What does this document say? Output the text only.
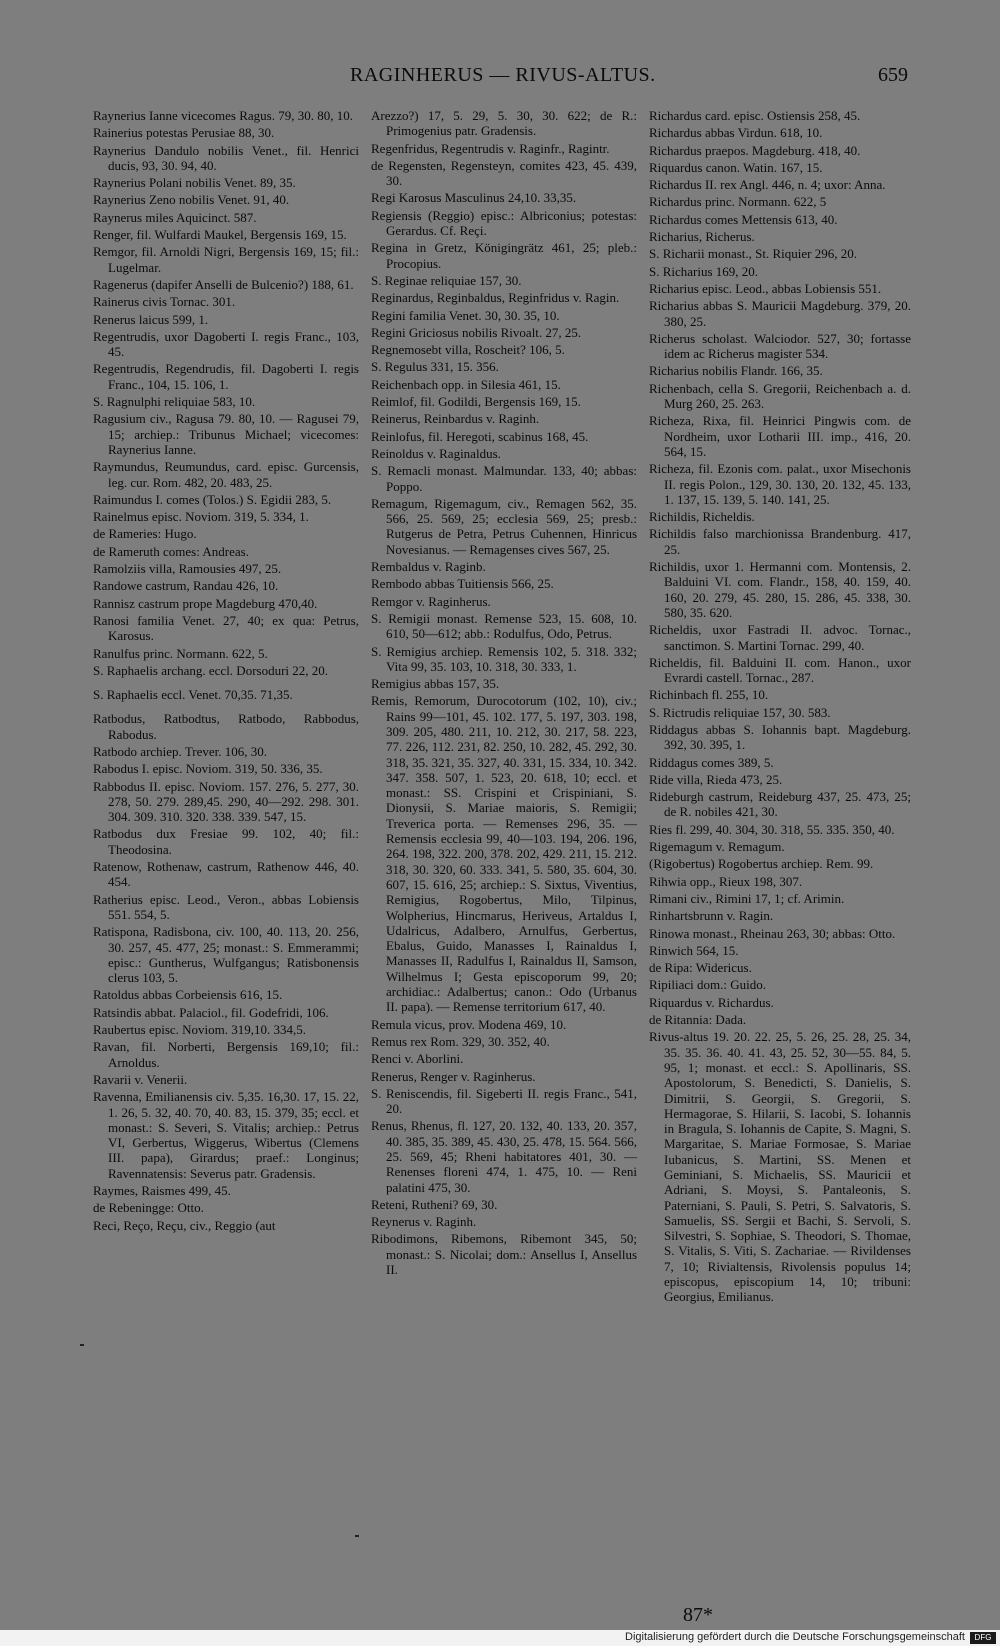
RAGINHERUS — RIVUS-ALTUS.	659

Raynerius Ianne vicecomes Ragus. 79, 30. 80, 10.

Rainerius potestas Perusiae 88, 30.

Raynerius Dandulo nobilis Venet., fil. Henrici ducis, 93, 30. 94, 40.

Raynerius Polani nobilis Venet. 89, 35.

Raynerius Zeno nobilis Venet. 91, 40.

Raynerus miles Aquicinct. 587.

Renger, fil. Wulfardi Maukel, Bergensis 169, 15.

Remgor, fil. Arnoldi Nigri, Bergensis 169, 15; fil.: Lugelmar.

Ragenerus (dapifer Anselli de Bulcenio?) 188, 61.

Rainerus civis Tornac. 301.

Renerus laicus 599, 1.

Regentrudis, uxor Dagoberti I. regis Franc., 103, 45.

Regentrudis, Regendrudis, fil. Dagoberti I. regis Franc., 104, 15. 106, 1.

S. Ragnulphi reliquiae 583, 10.

Ragusium civ., Ragusa 79. 80, 10. — Ragusei 79, 15; archiep.: Tribunus Michael; vicecomes: Raynerius Ianne.

Raymundus, Reumundus, card. episc. Gurcensis, leg. cur. Rom. 482, 20. 483, 25.

Raimundus I. comes (Tolos.) S. Egidii 283, 5.

Rainelmus episc. Noviom. 319, 5. 334, 1.

de Rameries: Hugo.

de Rameruth comes: Andreas.

Ramolziis villa, Ramousies 497, 25.

Randowe castrum, Randau 426, 10.

Rannisz castrum prope Magdeburg 470,40.

Ranosi familia Venet. 27, 40; ex qua: Petrus, Karosus.

Ranulfus princ. Normann. 622, 5.

S. Raphaelis archang. eccl. Dorsoduri 22, 20.

S. Raphaelis eccl. Venet. 70,35. 71,35.

Ratbodus, Ratbodtus, Ratbodo, Rabbodus, Rabodus.

Ratbodo archiep. Trever. 106, 30.

Rabodus I. episc. Noviom. 319, 50. 336, 35.

Rabbodus II. episc. Noviom. 157. 276, 5. 277, 30. 278, 50. 279. 289,45. 290, 40—292. 298. 301. 304. 309. 310. 320. 338. 339. 547, 15.

Ratbodus dux Fresiae 99. 102, 40; fil.: Theodosina.

Ratenow, Rothenaw, castrum, Rathenow 446, 40. 454.

Ratherius episc. Leod., Veron., abbas Lobiensis 551. 554, 5.

Ratispona, Radisbona, civ. 100, 40. 113, 20. 256, 30. 257, 45. 477, 25; monast.: S. Emmerammi; episc.: Guntherus, Wulfgangus; Ratisbonensis clerus 103, 5.

Ratoldus abbas Corbeiensis 616, 15.

Ratsindis abbat. Palaciol., fil. Godefridi, 106.

Raubertus episc. Noviom. 319,10. 334,5.

Ravan, fil. Norberti, Bergensis 169,10; fil.: Arnoldus.

Ravarii v. Venerii.

Ravenna, Emilianensis civ. 5,35. 16,30. 17, 15. 22, 1. 26, 5. 32, 40. 70, 40. 83, 15. 379, 35; eccl. et monast.: S. Severi, S. Vitalis; archiep.: Petrus VI, Gerbertus, Wiggerus, Wibertus (Clemens III. papa), Girardus; praef.: Longinus; Ravennatensis: Severus patr. Gradensis.

Raymes, Raismes 499, 45.

de Rebeningge: Otto.

Reci, Reço, Reçu, civ., Reggio (aut

Arezzo?) 17, 5. 29, 5. 30, 30. 622; de R.: Primogenius patr. Gradensis.

Regenfridus, Regentrudis v. Raginfr., Ragintr.

de Regensten, Regensteyn, comites 423, 45. 439, 30.

Regi Karosus Masculinus 24,10. 33,35.

Regiensis (Reggio) episc.: Albriconius; potestas: Gerardus. Cf. Reçi.

Regina in Gretz, Königingrätz 461, 25; pleb.: Procopius.

S. Reginae reliquiae 157, 30.

Reginardus, Reginbaldus, Reginfridus v. Ragin.

Regini familia Venet. 30, 30. 35, 10.

Regini Griciosus nobilis Rivoalt. 27, 25.

Regnemosebt villa, Roscheit? 106, 5.

S. Regulus 331, 15. 356.

Reichenbach opp. in Silesia 461, 15.

Reimlof, fil. Godildi, Bergensis 169, 15.

Reinerus, Reinbardus v. Raginh.

Reinlofus, fil. Heregoti, scabinus 168, 45.

Reinoldus v. Raginaldus.

S. Remacli monast. Malmundar. 133, 40; abbas: Poppo.

Remagum, Rigemagum, civ., Remagen 562, 35. 566, 25. 569, 25; ecclesia 569, 25; presb.: Rutgerus de Petra, Petrus Cuhennen, Hinricus Novesianus. — Remagenses cives 567, 25.

Rembaldus v. Raginb.

Rembodo abbas Tuitiensis 566, 25.

Remgor v. Raginherus.

S. Remigii monast. Remense 523, 15. 608, 10. 610, 50—612; abb.: Rodulfus, Odo, Petrus.

S. Remigius archiep. Remensis 102, 5. 318. 332; Vita 99, 35. 103, 10. 318, 30. 333, 1.

Remigius abbas 157, 35.

Remis, Remorum, Durocotorum (102, 10), civ.; Rains 99—101, 45. 102. 177, 5. 197, 303. 198, 309. 205, 480. 211, 10. 212, 30. 217, 58. 223, 77. 226, 112. 231, 82. 250, 10. 282, 45. 292, 30. 318, 35. 321, 35. 327, 40. 331, 15. 334, 10. 342. 347. 358. 507, 1. 523, 20. 618, 10; eccl. et monast.: SS. Crispini et Crispiniani, S. Dionysii, S. Mariae maioris, S. Remigii; Treverica porta. — Remenses 296, 35. — Remensis ecclesia 99, 40—103. 194, 206. 196, 264. 198, 322. 200, 378. 202, 429. 211, 15. 212. 318, 30. 320, 60. 333. 341, 5. 580, 35. 604, 30. 607, 15. 616, 25; archiep.: S. Sixtus, Viventius, Remigius, Rogobertus, Milo, Tilpinus, Wolpherius, Hincmarus, Heriveus, Artaldus I, Udalricus, Adalbero, Arnulfus, Gerbertus, Ebalus, Guido, Manasses I, Rainaldus I, Manasses II, Radulfus I, Rainaldus II, Samson, Wilhelmus I; Gesta episcoporum 99, 20; archidiac.: Adalbertus; canon.: Odo (Urbanus II. papa). — Remense territorium 617, 40.

Remula vicus, prov. Modena 469, 10.

Remus rex Rom. 329, 30. 352, 40.

Renci v. Aborlini.

Renerus, Renger v. Raginherus.

S. Reniscendis, fil. Sigeberti II. regis Franc., 541, 20.

Renus, Rhenus, fl. 127, 20. 132, 40. 133, 20. 357, 40. 385, 35. 389, 45. 430, 25. 478, 15. 564. 566, 25. 569, 45; Rheni habitatores 401, 30. — Renenses floreni 474, 1. 475, 10. — Reni palatini 475, 30.

Reteni, Rutheni? 69, 30.

Reynerus v. Raginh.

Ribodimons, Ribemons, Ribemont 345, 50; monast.: S. Nicolai; dom.: Ansellus I, Ansellus II.

Richardus card. episc. Ostiensis 258, 45.

Richardus abbas Virdun. 618, 10.

Richardus praepos. Magdeburg. 418, 40.

Riquardus canon. Watin. 167, 15.

Richardus II. rex Angl. 446, n. 4; uxor: Anna.

Richardus princ. Normann. 622, 5

Richardus comes Mettensis 613, 40.

Richarius, Richerus.

S. Richarii monast., St. Riquier 296, 20.

S. Richarius 169, 20.

Richarius episc. Leod., abbas Lobiensis 551.

Richarius abbas S. Mauricii Magdeburg. 379, 20. 380, 25.

Richerus scholast. Walciodor. 527, 30; fortasse idem ac Richerus magister 534.

Richarius nobilis Flandr. 166, 35.

Richenbach, cella S. Gregorii, Reichenbach a. d. Murg 260, 25. 263.

Richeza, Rixa, fil. Heinrici Pingwis com. de Nordheim, uxor Lotharii III. imp., 416, 20. 564, 15.

Richeza, fil. Ezonis com. palat., uxor Misechonis II. regis Polon., 129, 30. 130, 20. 132, 45. 133, 1. 137, 15. 139, 5. 140. 141, 25.

Richildis, Richeldis.

Richildis falso marchionissa Brandenburg. 417, 25.

Richildis, uxor 1. Hermanni com. Montensis, 2. Balduini VI. com. Flandr., 158, 40. 159, 40. 160, 20. 279, 45. 280, 15. 286, 45. 338, 30. 580, 35. 620.

Richeldis, uxor Fastradi II. advoc. Tornac., sanctimon. S. Martini Tornac. 299, 40.

Richeldis, fil. Balduini II. com. Hanon., uxor Evrardi castell. Tornac., 287.

Richinbach fl. 255, 10.

S. Rictrudis reliquiae 157, 30. 583.

Riddagus abbas S. Iohannis bapt. Magdeburg. 392, 30. 395, 1.

Riddagus comes 389, 5.

Ride villa, Rieda 473, 25.

Rideburgh castrum, Reideburg 437, 25. 473, 25; de R. nobiles 421, 30.

Ries fl. 299, 40. 304, 30. 318, 55. 335. 350, 40.

Rigemagum v. Remagum.

(Rigobertus) Rogobertus archiep. Rem. 99.

Rihwia opp., Rieux 198, 307.

Rimani civ., Rimini 17, 1; cf. Arimin.

Rinhartsbrunn v. Ragin.

Rinowa monast., Rheinau 263, 30; abbas: Otto.

Rinwich 564, 15.

de Ripa: Widericus.

Ripiliaci dom.: Guido.

Riquardus v. Richardus.

de Ritannia: Dada.

Rivus-altus 19. 20. 22. 25, 5. 26, 25. 28, 25. 34, 35. 35. 36. 40. 41. 43, 25. 52, 30—55. 84, 5. 95, 1; monast. et eccl.: S. Apollinaris, SS. Apostolorum, S. Benedicti, S. Danielis, S. Dimitrii, S. Georgii, S. Gregorii, S. Hermagorae, S. Hilarii, S. Iacobi, S. Iohannis in Bragula, S. Iohannis de Capite, S. Magni, S. Margaritae, S. Mariae Formosae, S. Mariae Iubanicus, S. Martini, SS. Menen et Geminiani, S. Michaelis, SS. Mauricii et Adriani, S. Moysi, S. Pantaleonis, S. Paterniani, S. Pauli, S. Petri, S. Salvatoris, S. Samuelis, SS. Sergii et Bachi, S. Servoli, S. Silvestri, S. Sophiae, S. Theodori, S. Thomae, S. Vitalis, S. Viti, S. Zachariae. — Rivildenses 7, 10; Rivialtensis, Rivolensis populus 14; episcopus, episcopium 14, 10; tribuni: Georgius, Emilianus.

87*
Digitalisierung gefördert durch die Deutsche Forschungsgemeinschaft	DFG
